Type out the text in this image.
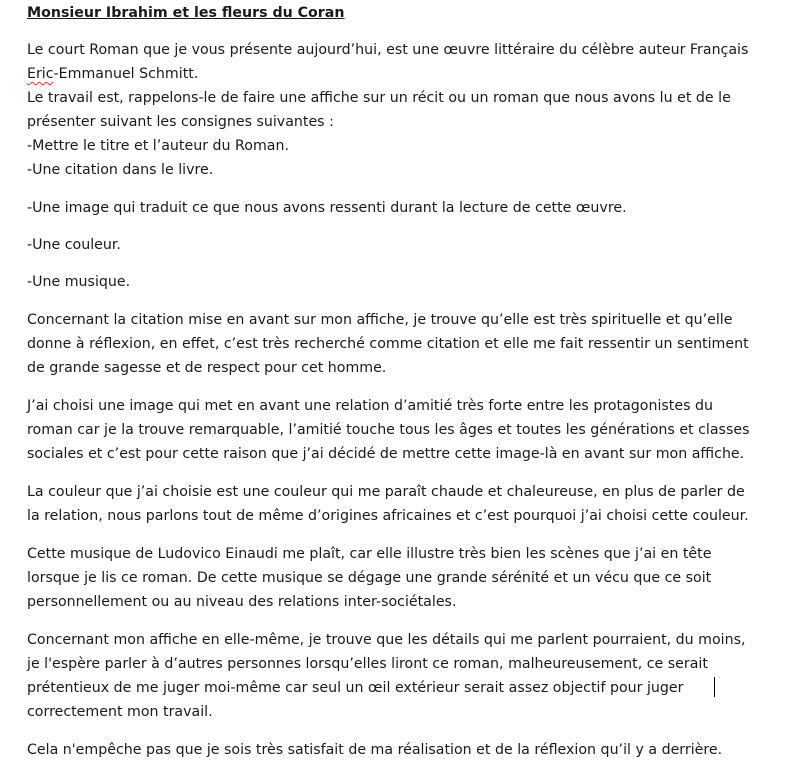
Monsieur Ibrahim et les fleurs du Coran
Le court Roman que je vous présente aujourd’hui, est une œuvre littéraire du célèbre auteur Français
Eric-Emmanuel Schmitt.
Le travail est, rappelons-le de faire une affiche sur un récit ou un roman que nous avons lu et de le
présenter suivant les consignes suivantes :
-Mettre le titre et l’auteur du Roman.
-Une citation dans le livre.
-Une image qui traduit ce que nous avons ressenti durant la lecture de cette œuvre.
-Une couleur.
-Une musique.
Concernant la citation mise en avant sur mon affiche, je trouve qu’elle est très spirituelle et qu’elle
donne à réflexion, en effet, c’est très recherché comme citation et elle me fait ressentir un sentiment
de grande sagesse et de respect pour cet homme.
J’ai choisi une image qui met en avant une relation d’amitié très forte entre les protagonistes du
roman car je la trouve remarquable, l’amitié touche tous les âges et toutes les générations et classes
sociales et c’est pour cette raison que j’ai décidé de mettre cette image-là en avant sur mon affiche.
La couleur que j’ai choisie est une couleur qui me paraît chaude et chaleureuse, en plus de parler de
la relation, nous parlons tout de même d’origines africaines et c’est pourquoi j’ai choisi cette couleur.
Cette musique de Ludovico Einaudi me plaît, car elle illustre très bien les scènes que j’ai en tête
lorsque je lis ce roman. De cette musique se dégage une grande sérénité et un vécu que ce soit
personnellement ou au niveau des relations inter-sociétales.
Concernant mon affiche en elle-même, je trouve que les détails qui me parlent pourraient, du moins,
je l'espère parler à d’autres personnes lorsqu’elles liront ce roman, malheureusement, ce serait
prétentieux de me juger moi-même car seul un œil extérieur serait assez objectif pour juger
correctement mon travail.
Cela n'empêche pas que je sois très satisfait de ma réalisation et de la réflexion qu’il y a derrière.
